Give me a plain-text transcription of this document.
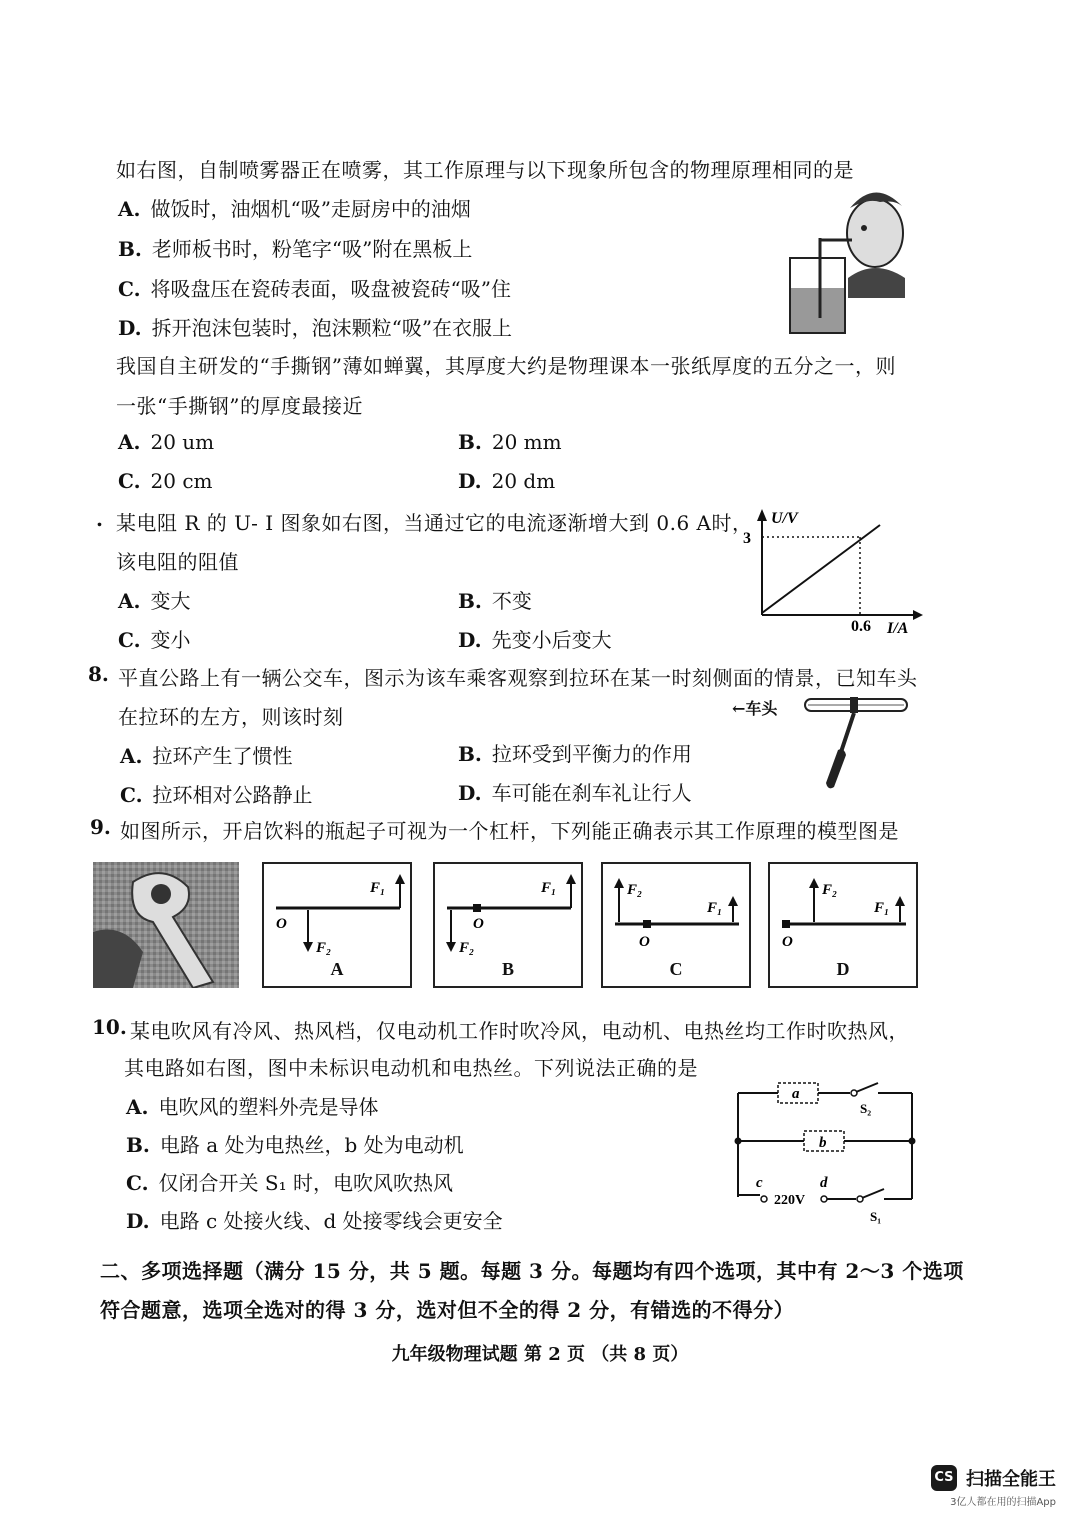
如右图，自制喷雾器正在喷雾，其工作原理与以下现象所包含的物理原理相同的是
A. 做饭时，油烟机“吸”走厨房中的油烟
B. 老师板书时，粉笔字“吸”附在黑板上
C. 将吸盘压在瓷砖表面，吸盘被瓷砖“吸”住
D. 拆开泡沫包装时，泡沫颗粒“吸”在衣服上
我国自主研发的“手撕钢”薄如蝉翼，其厚度大约是物理课本一张纸厚度的五分之一，则
一张“手撕钢”的厚度最接近
A. 20 um	B. 20 mm
C. 20 cm	D. 20 dm
. 某电阻 R 的 U- I 图象如右图，当通过它的电流逐渐增大到 0.6 A时，
该电阻的阻值
A. 变大	B. 不变
C. 变小	D. 先变小后变大
U/V
3
0.6 I/A
8. 平直公路上有一辆公交车，图示为该车乘客观察到拉环在某一时刻侧面的情景，已知车头
在拉环的左方，则该时刻
A. 拉环产生了惯性	B. 拉环受到平衡力的作用
C. 拉环相对公路静止	D. 车可能在刹车礼让行人
←车头
9. 如图所示，开启饮料的瓶起子可视为一个杠杆，下列能正确表示其工作原理的模型图是
F₁
F₂
O
A
F₁
F₂
O
B
F₂
F₁
O
C
F₂
F₁
O
D
10. 某电吹风有冷风、热风档，仅电动机工作时吹冷风，电动机、电热丝均工作时吹热风，
其电路如右图，图中未标识电动机和电热丝。下列说法正确的是
A. 电吹风的塑料外壳是导体
B. 电路 a 处为电热丝，b 处为电动机
C. 仅闭合开关 S₁ 时，电吹风吹热风
D. 电路 c 处接火线、d 处接零线会更安全
a
S₂
b
c	d
220V
S₁
二、多项选择题（满分 15 分，共 5 题。每题 3 分。每题均有四个选项，其中有 2～3 个选项
符合题意，选项全选对的得 3 分，选对但不全的得 2 分，有错选的不得分）
九年级物理试题 第 2 页 （共 8 页）
CS 扫描全能王
3亿人都在用的扫描App
